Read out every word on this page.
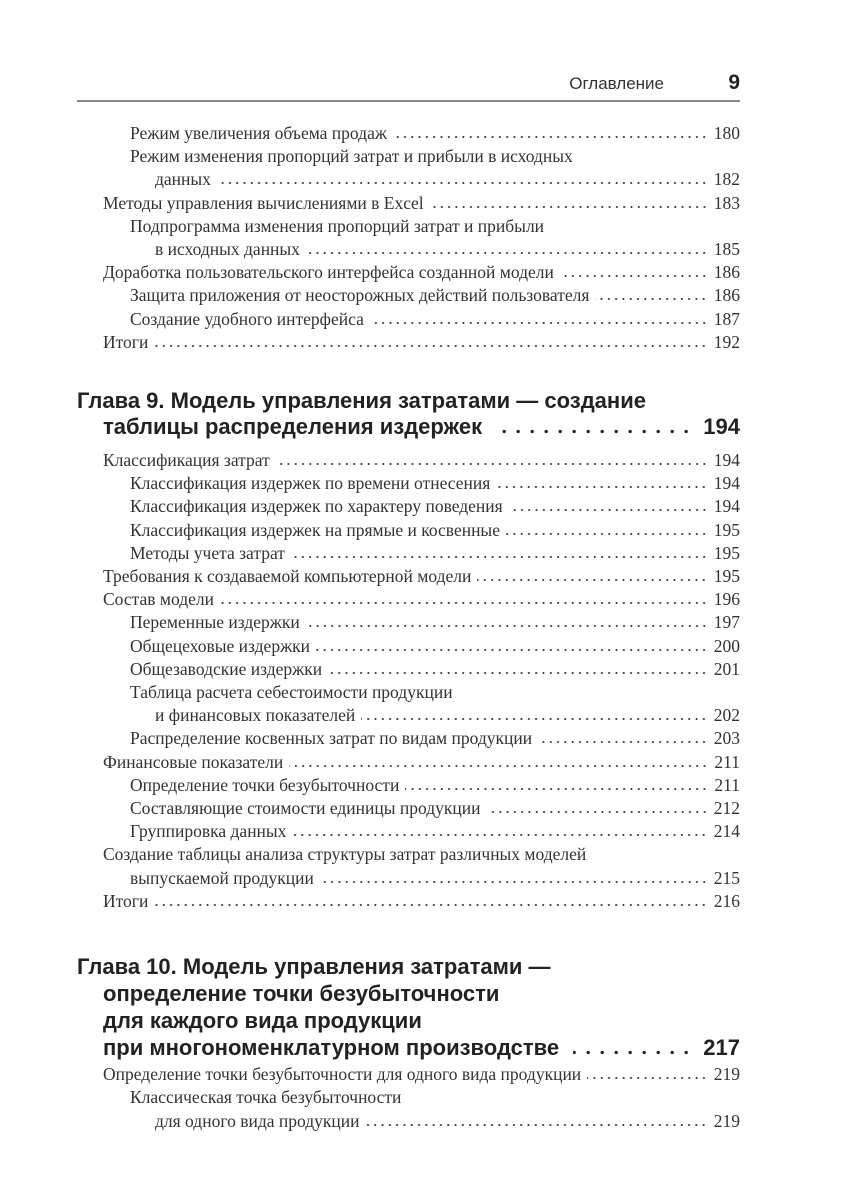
Оглавление	9
Режим увеличения объема продаж	180
Режим изменения пропорций затрат и прибыли в исходных
данных	182
Методы управления вычислениями в Excel	183
Подпрограмма изменения пропорций затрат и прибыли
в исходных данных	185
Доработка пользовательского интерфейса созданной модели	186
Защита приложения от неосторожных действий пользователя	186
Создание удобного интерфейса	187
Итоги	192
Глава 9. Модель управления затратами — создание
таблицы распределения издержек	194
Классификация затрат	194
Классификация издержек по времени отнесения	194
Классификация издержек по характеру поведения	194
Классификация издержек на прямые и косвенные	195
Методы учета затрат	195
Требования к создаваемой компьютерной модели	195
Состав модели	196
Переменные издержки	197
Общецеховые издержки	200
Общезаводские издержки	201
Таблица расчета себестоимости продукции
и финансовых показателей	202
Распределение косвенных затрат по видам продукции	203
Финансовые показатели	211
Определение точки безубыточности	211
Составляющие стоимости единицы продукции	212
Группировка данных	214
Создание таблицы анализа структуры затрат различных моделей
выпускаемой продукции	215
Итоги	216
Глава 10. Модель управления затратами —
определение точки безубыточности
для каждого вида продукции
при многономенклатурном производстве	217
Определение точки безубыточности для одного вида продукции	219
Классическая точка безубыточности
для одного вида продукции	219
